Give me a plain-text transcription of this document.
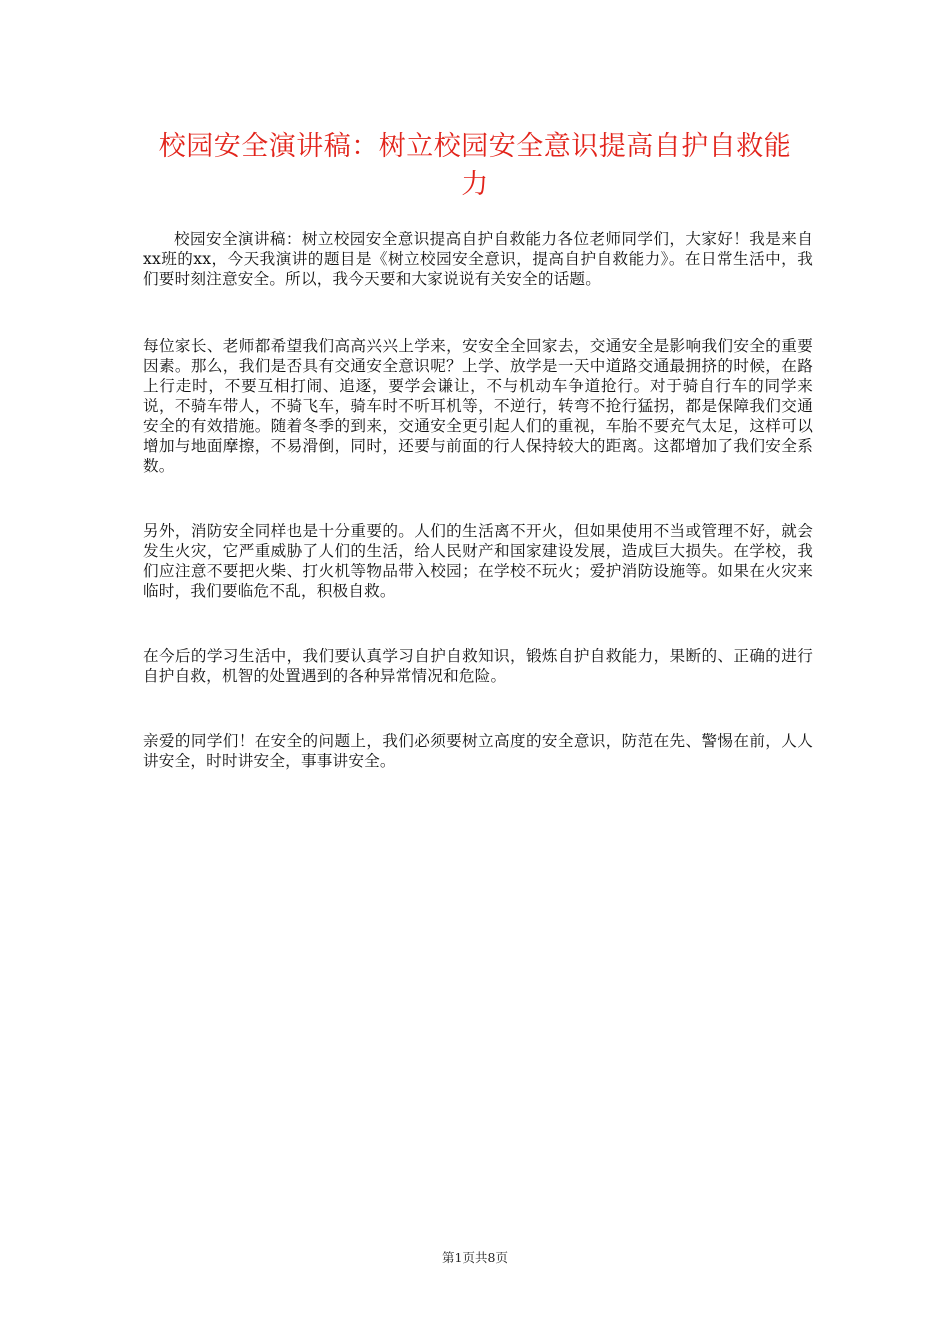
校园安全演讲稿：树立校园安全意识提高自护自救能力

校园安全演讲稿：树立校园安全意识提高自护自救能力各位老师同学们，大家好！我是来自xx班的xx，今天我演讲的题目是《树立校园安全意识，提高自护自救能力》。在日常生活中，我们要时刻注意安全。所以，我今天要和大家说说有关安全的话题。

每位家长、老师都希望我们高高兴兴上学来，安安全全回家去，交通安全是影响我们安全的重要因素。那么，我们是否具有交通安全意识呢？上学、放学是一天中道路交通最拥挤的时候，在路上行走时，不要互相打闹、追逐，要学会谦让，不与机动车争道抢行。对于骑自行车的同学来说，不骑车带人，不骑飞车，骑车时不听耳机等，不逆行，转弯不抢行猛拐，都是保障我们交通安全的有效措施。随着冬季的到来，交通安全更引起人们的重视，车胎不要充气太足，这样可以增加与地面摩擦，不易滑倒，同时，还要与前面的行人保持较大的距离。这都增加了我们安全系数。

另外，消防安全同样也是十分重要的。人们的生活离不开火，但如果使用不当或管理不好，就会发生火灾，它严重威胁了人们的生活，给人民财产和国家建设发展，造成巨大损失。在学校，我们应注意不要把火柴、打火机等物品带入校园；在学校不玩火；爱护消防设施等。如果在火灾来临时，我们要临危不乱，积极自救。

在今后的学习生活中，我们要认真学习自护自救知识，锻炼自护自救能力，果断的、正确的进行自护自救，机智的处置遇到的各种异常情况和危险。

亲爱的同学们！在安全的问题上，我们必须要树立高度的安全意识，防范在先、警惕在前，人人讲安全，时时讲安全，事事讲安全。

第1页共8页
